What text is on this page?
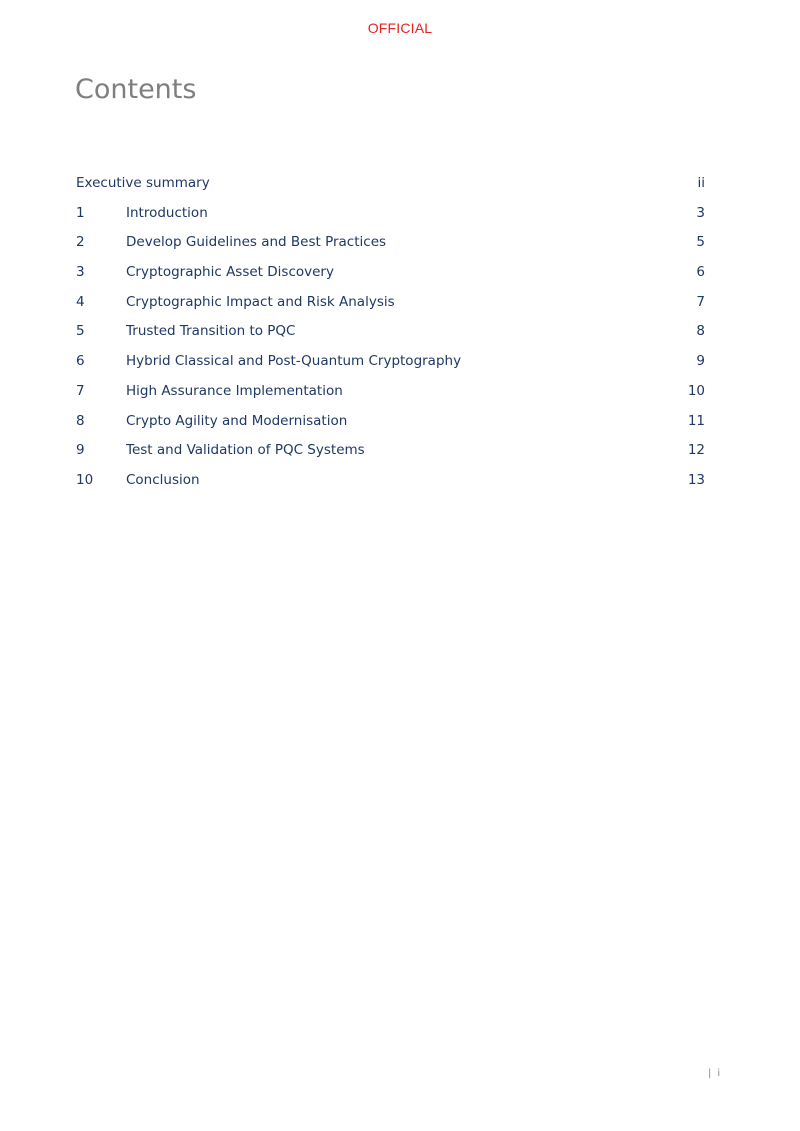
OFFICIAL
Contents
Executive summary	ii
1	Introduction	3
2	Develop Guidelines and Best Practices	5
3	Cryptographic Asset Discovery	6
4	Cryptographic Impact and Risk Analysis	7
5	Trusted Transition to PQC	8
6	Hybrid Classical and Post-Quantum Cryptography	9
7	High Assurance Implementation	10
8	Crypto Agility and Modernisation	11
9	Test and Validation of PQC Systems	12
10	Conclusion	13
| i
